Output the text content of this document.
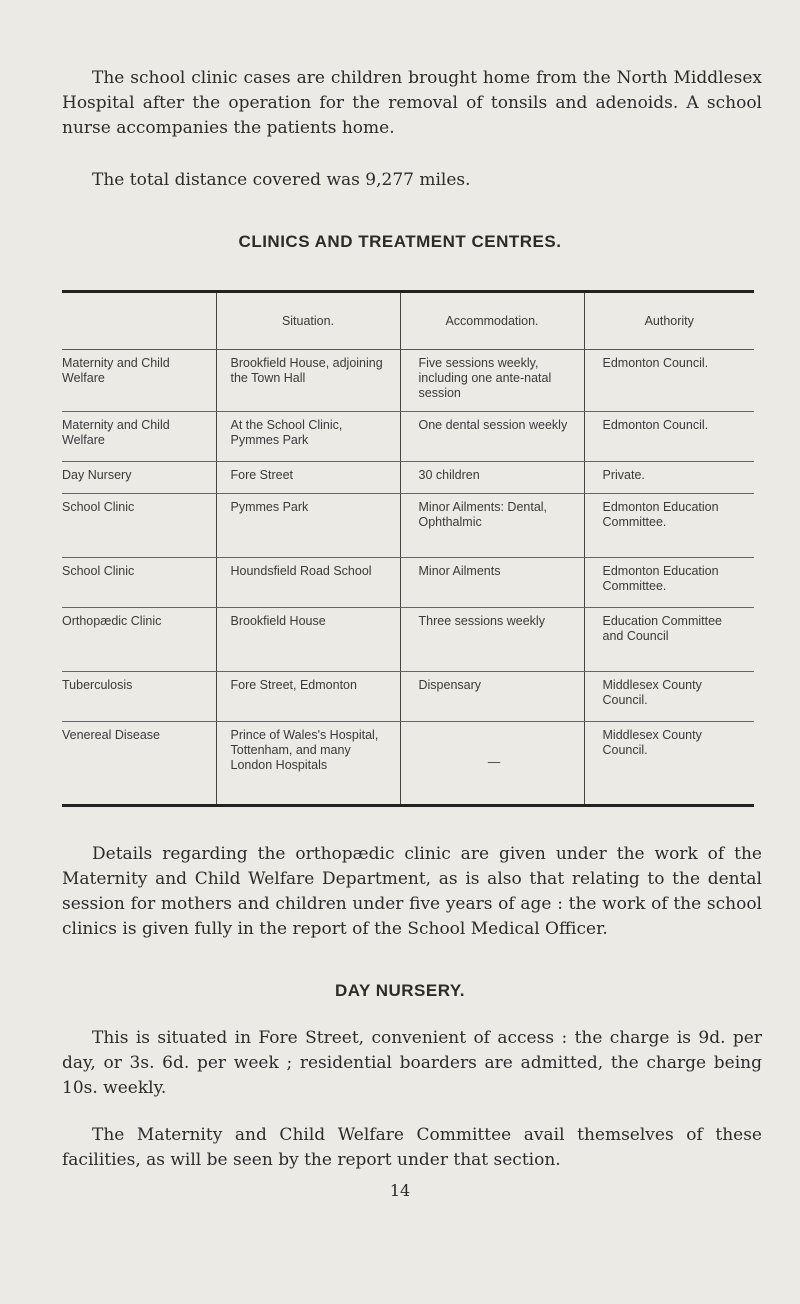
The school clinic cases are children brought home from the North Middlesex Hospital after the operation for the removal of tonsils and adenoids. A school nurse accompanies the patients home.

The total distance covered was 9,277 miles.

CLINICS AND TREATMENT CENTRES.
	Situation.	Accommodation.	Authority
Maternity and Child Welfare	Brookfield House, adjoining the Town Hall	Five sessions weekly, including one ante-natal session	Edmonton Council.
Maternity and Child Welfare	At the School Clinic, Pymmes Park	One dental session weekly	Edmonton Council.
Day Nursery	Fore Street	30 children	Private.
School Clinic	Pymmes Park	Minor Ailments: Dental, Ophthalmic	Edmonton Education Committee.
School Clinic	Houndsfield Road School	Minor Ailments	Edmonton Education Committee.
Orthopædic Clinic	Brookfield House	Three sessions weekly	Education Committee and Council
Tuberculosis	Fore Street, Edmonton	Dispensary	Middlesex County Council.
Venereal Disease	Prince of Wales's Hospital, Tottenham, and many London Hospitals	—	Middlesex County Council.

Details regarding the orthopædic clinic are given under the work of the Maternity and Child Welfare Department, as is also that relating to the dental session for mothers and children under five years of age : the work of the school clinics is given fully in the report of the School Medical Officer.

DAY NURSERY.

This is situated in Fore Street, convenient of access : the charge is 9d. per day, or 3s. 6d. per week ; residential boarders are admitted, the charge being 10s. weekly.

The Maternity and Child Welfare Committee avail themselves of these facilities, as will be seen by the report under that section.

14
